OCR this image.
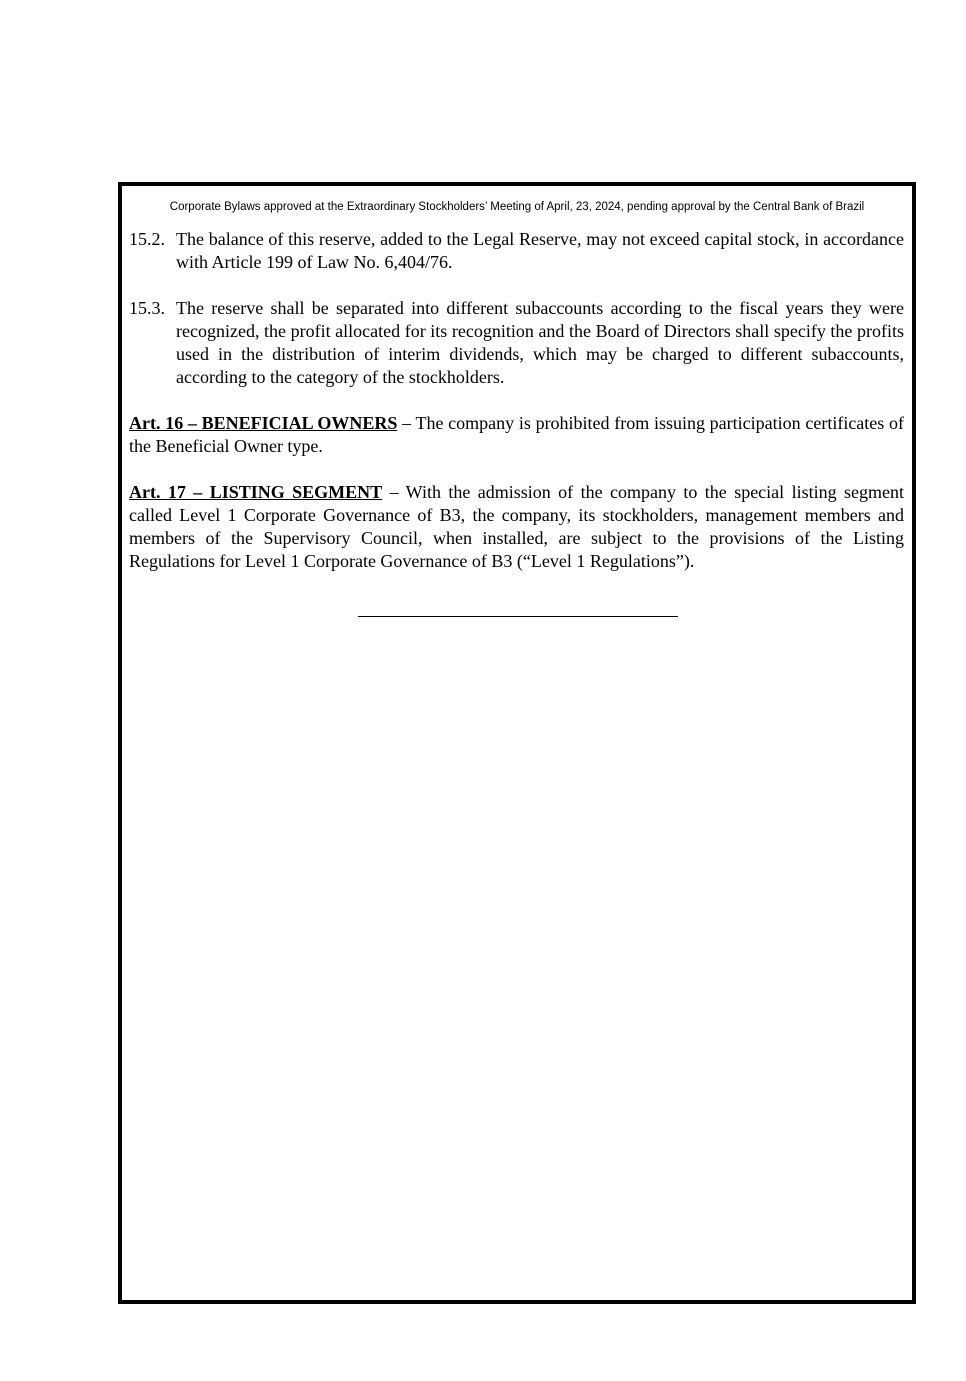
Corporate Bylaws approved at the Extraordinary Stockholders’ Meeting of April, 23, 2024, pending approval by the Central Bank of Brazil
15.2. The balance of this reserve, added to the Legal Reserve, may not exceed capital stock, in accordance with Article 199 of Law No. 6,404/76.
15.3. The reserve shall be separated into different subaccounts according to the fiscal years they were recognized, the profit allocated for its recognition and the Board of Directors shall specify the profits used in the distribution of interim dividends, which may be charged to different subaccounts, according to the category of the stockholders.
Art. 16 – BENEFICIAL OWNERS – The company is prohibited from issuing participation certificates of the Beneficial Owner type.
Art. 17 – LISTING SEGMENT – With the admission of the company to the special listing segment called Level 1 Corporate Governance of B3, the company, its stockholders, management members and members of the Supervisory Council, when installed, are subject to the provisions of the Listing Regulations for Level 1 Corporate Governance of B3 (“Level 1 Regulations”).
